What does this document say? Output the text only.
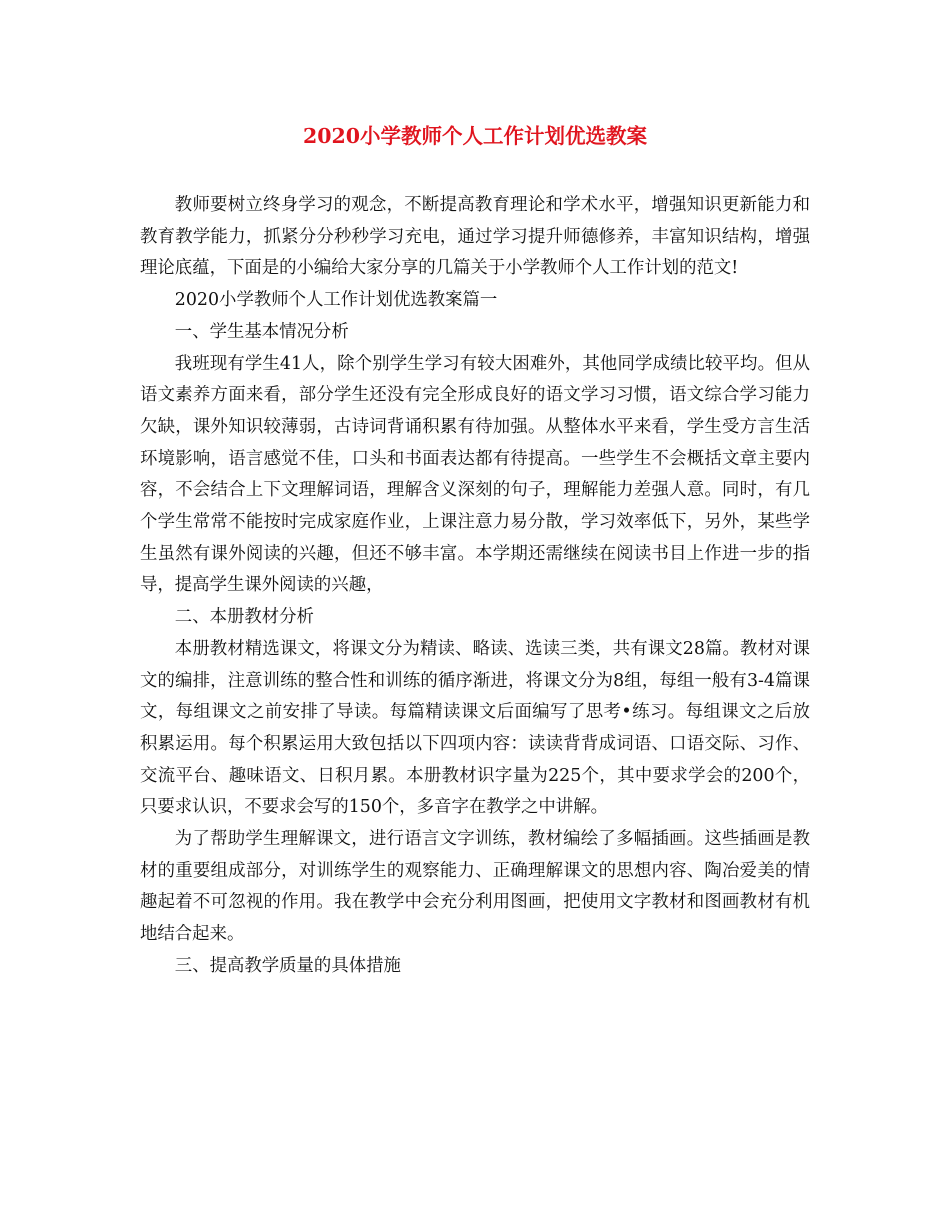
2020小学教师个人工作计划优选教案

教师要树立终身学习的观念，不断提高教育理论和学术水平，增强知识更新能力和教育教学能力，抓紧分分秒秒学习充电，通过学习提升师德修养，丰富知识结构，增强理论底蕴，下面是的小编给大家分享的几篇关于小学教师个人工作计划的范文!

2020小学教师个人工作计划优选教案篇一

一、学生基本情况分析

我班现有学生41人，除个别学生学习有较大困难外，其他同学成绩比较平均。但从语文素养方面来看，部分学生还没有完全形成良好的语文学习习惯，语文综合学习能力欠缺，课外知识较薄弱，古诗词背诵积累有待加强。从整体水平来看，学生受方言生活环境影响，语言感觉不佳，口头和书面表达都有待提高。一些学生不会概括文章主要内容，不会结合上下文理解词语，理解含义深刻的句子，理解能力差强人意。同时，有几个学生常常不能按时完成家庭作业，上课注意力易分散，学习效率低下，另外，某些学生虽然有课外阅读的兴趣，但还不够丰富。本学期还需继续在阅读书目上作进一步的指导，提高学生课外阅读的兴趣，

二、本册教材分析

本册教材精选课文，将课文分为精读、略读、选读三类，共有课文28篇。教材对课文的编排，注意训练的整合性和训练的循序渐进，将课文分为8组，每组一般有3-4篇课文，每组课文之前安排了导读。每篇精读课文后面编写了思考•练习。每组课文之后放积累运用。每个积累运用大致包括以下四项内容：读读背背成词语、口语交际、习作、交流平台、趣味语文、日积月累。本册教材识字量为225个，其中要求学会的200个，只要求认识，不要求会写的150个，多音字在教学之中讲解。

为了帮助学生理解课文，进行语言文字训练，教材编绘了多幅插画。这些插画是教材的重要组成部分，对训练学生的观察能力、正确理解课文的思想内容、陶冶爱美的情趣起着不可忽视的作用。我在教学中会充分利用图画，把使用文字教材和图画教材有机地结合起来。

三、提高教学质量的具体措施
